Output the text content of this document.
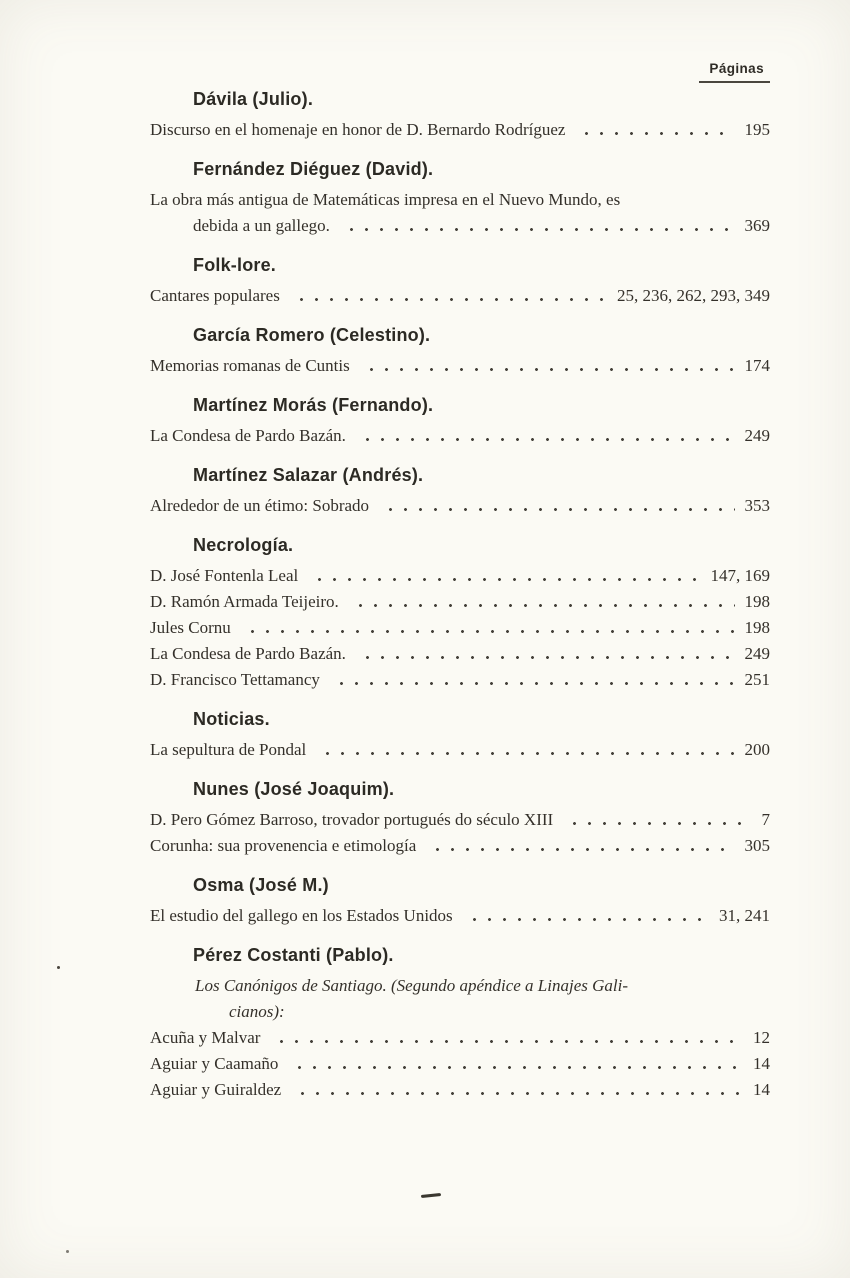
Páginas
Dávila (Julio).
Discurso en el homenaje en honor de D. Bernardo Rodríguez	195
Fernández Diéguez (David).
La obra más antigua de Matemáticas impresa en el Nuevo Mundo, es
debida a un gallego.	369
Folk-lore.
Cantares populares	25, 236, 262, 293, 349
García Romero (Celestino).
Memorias romanas de Cuntis	174
Martínez Morás (Fernando).
La Condesa de Pardo Bazán.	249
Martínez Salazar (Andrés).
Alrededor de un étimo: Sobrado	353
Necrología.
D. José Fontenla Leal	147, 169
D. Ramón Armada Teijeiro.	198
Jules Cornu	198
La Condesa de Pardo Bazán.	249
D. Francisco Tettamancy	251
Noticias.
La sepultura de Pondal	200
Nunes (José Joaquim).
D. Pero Gómez Barroso, trovador portugués do século XIII	7
Corunha: sua provenencia e etimología	305
Osma (José M.)
El estudio del gallego en los Estados Unidos	31, 241
Pérez Costanti (Pablo).
Los Canónigos de Santiago. (Segundo apéndice a Linajes Gali-
cianos):
Acuña y Malvar	12
Aguiar y Caamaño	14
Aguiar y Guiraldez	14
